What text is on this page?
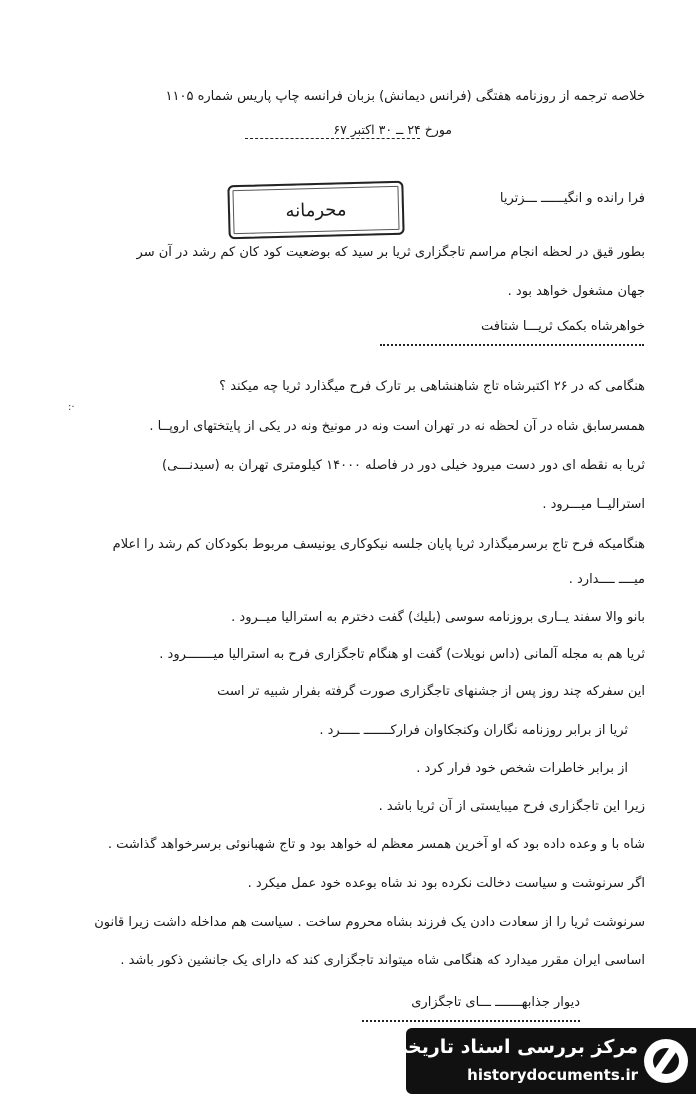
خلاصه ترجمه از روزنامه هفتگی (فرانس دیمانش) بزبان فرانسه چاپ پاریس شماره ۱۱۰۵
مورخ ۲۴ ــ ۳۰ اکتبر ۶۷
فرا رانده و انگیــــــ ـــزتریا
محرمانه
بطور قیق در لحظه انجام مراسم تاجگزاری ثریا بر سید که بوضعیت کود کان کم رشد در آن سر
جهان مشغول خواهد بود .
خواهرشاه بکمک ثریـــا شتافت
هنگامی که در ۲۶ اکتبرشاه تاج شاهنشاهی بر تارک فرح میگذارد ثریا چه میکند ؟
·:
همسرسابق شاه در آن لحظه نه در تهران است ونه در مونیخ ونه در یکی از پایتختهای اروپــا .
ثریا به نقطه ای دور دست میرود خیلی دور در فاصله ۱۴۰۰۰ کیلومتری تهران به (سیدنـــی)
استرالیــا میـــرود .
هنگامیکه فرح تاج برسرمیگذارد ثریا پایان جلسه نیکوکاری یونیسف مربوط بکودکان کم رشد را اعلام
میــــ ــــدارد .
بانو والا سفند یــاری بروزنامه سوسی (بلیك) گفت دخترم به استرالیا میــرود .
ثریا هم به مجله آلمانی (داس نویلات) گفت او هنگام تاجگزاری فرح به استرالیا میـــــــرود .
این سفرکه چند روز پس از جشنهای تاجگزاری صورت گرفته بفرار شبیه تر است
ثریا از برابر روزنامه نگاران وکنجکاوان فرارکـــــــ ـــــرد .
از برابر خاطرات شخص خود فرار کرد .
زیرا این تاجگزاری فرح میبایستی از آن ثریا باشد .
شاه با و وعده داده بود که او آخرین همسر معظم له خواهد بود و تاج شهبانوئی برسرخواهد گذاشت .
اگر سرنوشت و سیاست دخالت نکرده بود ند شاه بوعده خود عمل میکرد .
سرنوشت ثریا را از سعادت دادن یک فرزند بشاه محروم ساخت . سیاست هم مداخله داشت زیرا قانون
اساسی ایران مقرر میدارد که هنگامی شاه میتواند تاجگزاری کند که دارای یک جانشین ذکور باشد .
دیوار جذابهـــــــ ـــای تاجگزاری
مرکز بررسی اسناد تاریخی
historydocuments.ir
